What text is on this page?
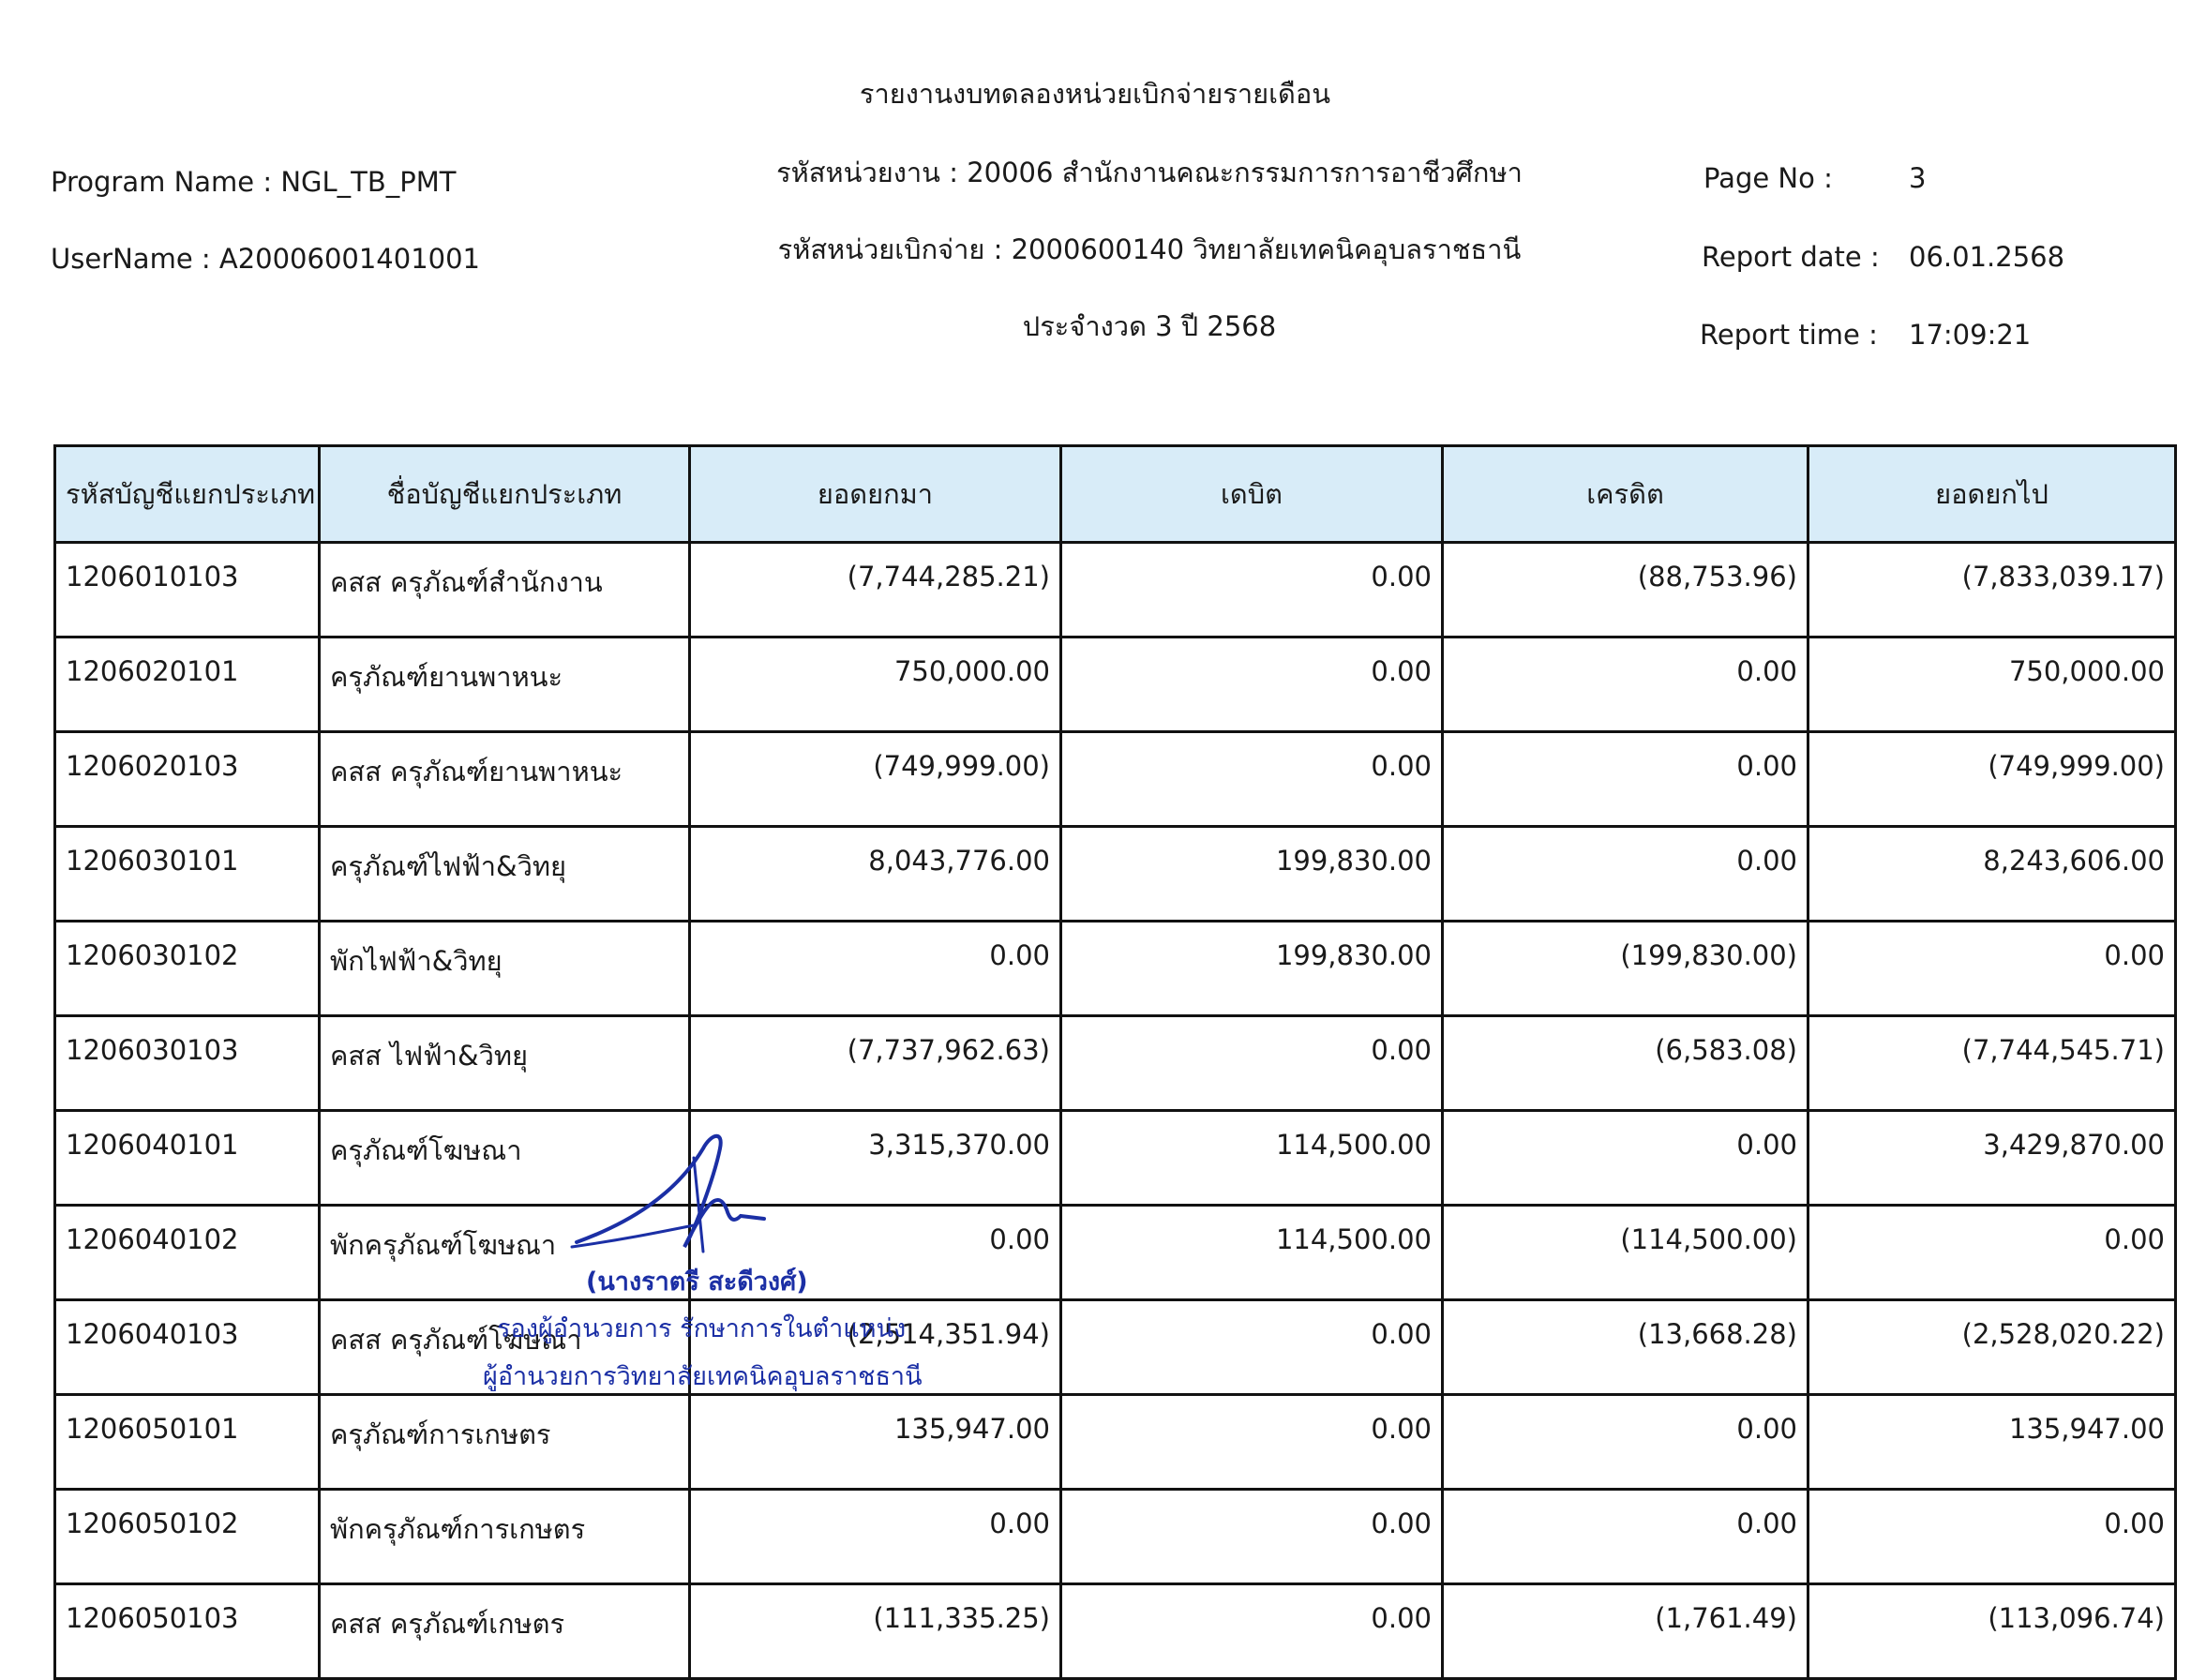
รายงานงบทดลองหน่วยเบิกจ่ายรายเดือน
Program Name : NGL_TB_PMT	รหัสหน่วยงาน : 20006 สำนักงานคณะกรรมการการอาชีวศึกษา	Page No :	3
UserName : A20006001401001	รหัสหน่วยเบิกจ่าย : 2000600140 วิทยาลัยเทคนิคอุบลราชธานี	Report date : 06.01.2568
ประจำงวด 3 ปี 2568	Report time : 17:09:21
รหัสบัญชีแยกประเภท	ชื่อบัญชีแยกประเภท	ยอดยกมา	เดบิต	เครดิต	ยอดยกไป
1206010103	คสส ครุภัณฑ์สำนักงาน	(7,744,285.21)	0.00	(88,753.96)	(7,833,039.17)
1206020101	ครุภัณฑ์ยานพาหนะ	750,000.00	0.00	0.00	750,000.00
1206020103	คสส ครุภัณฑ์ยานพาหนะ	(749,999.00)	0.00	0.00	(749,999.00)
1206030101	ครุภัณฑ์ไฟฟ้า&วิทยุ	8,043,776.00	199,830.00	0.00	8,243,606.00
1206030102	พักไฟฟ้า&วิทยุ	0.00	199,830.00	(199,830.00)	0.00
1206030103	คสส ไฟฟ้า&วิทยุ	(7,737,962.63)	0.00	(6,583.08)	(7,744,545.71)
1206040101	ครุภัณฑ์โฆษณา	3,315,370.00	114,500.00	0.00	3,429,870.00
1206040102	พักครุภัณฑ์โฆษณา	0.00	114,500.00	(114,500.00)	0.00
1206040103	คสส ครุภัณฑ์โฆษณา	(2,514,351.94)	0.00	(13,668.28)	(2,528,020.22)
1206050101	ครุภัณฑ์การเกษตร	135,947.00	0.00	0.00	135,947.00
1206050102	พักครุภัณฑ์การเกษตร	0.00	0.00	0.00	0.00
1206050103	คสส ครุภัณฑ์เกษตร	(111,335.25)	0.00	(1,761.49)	(113,096.74)
(นางราตรี สะดีวงศ์)
รองผู้อำนวยการ รักษาการในตำแหน่ง
ผู้อำนวยการวิทยาลัยเทคนิคอุบลราชธานี
